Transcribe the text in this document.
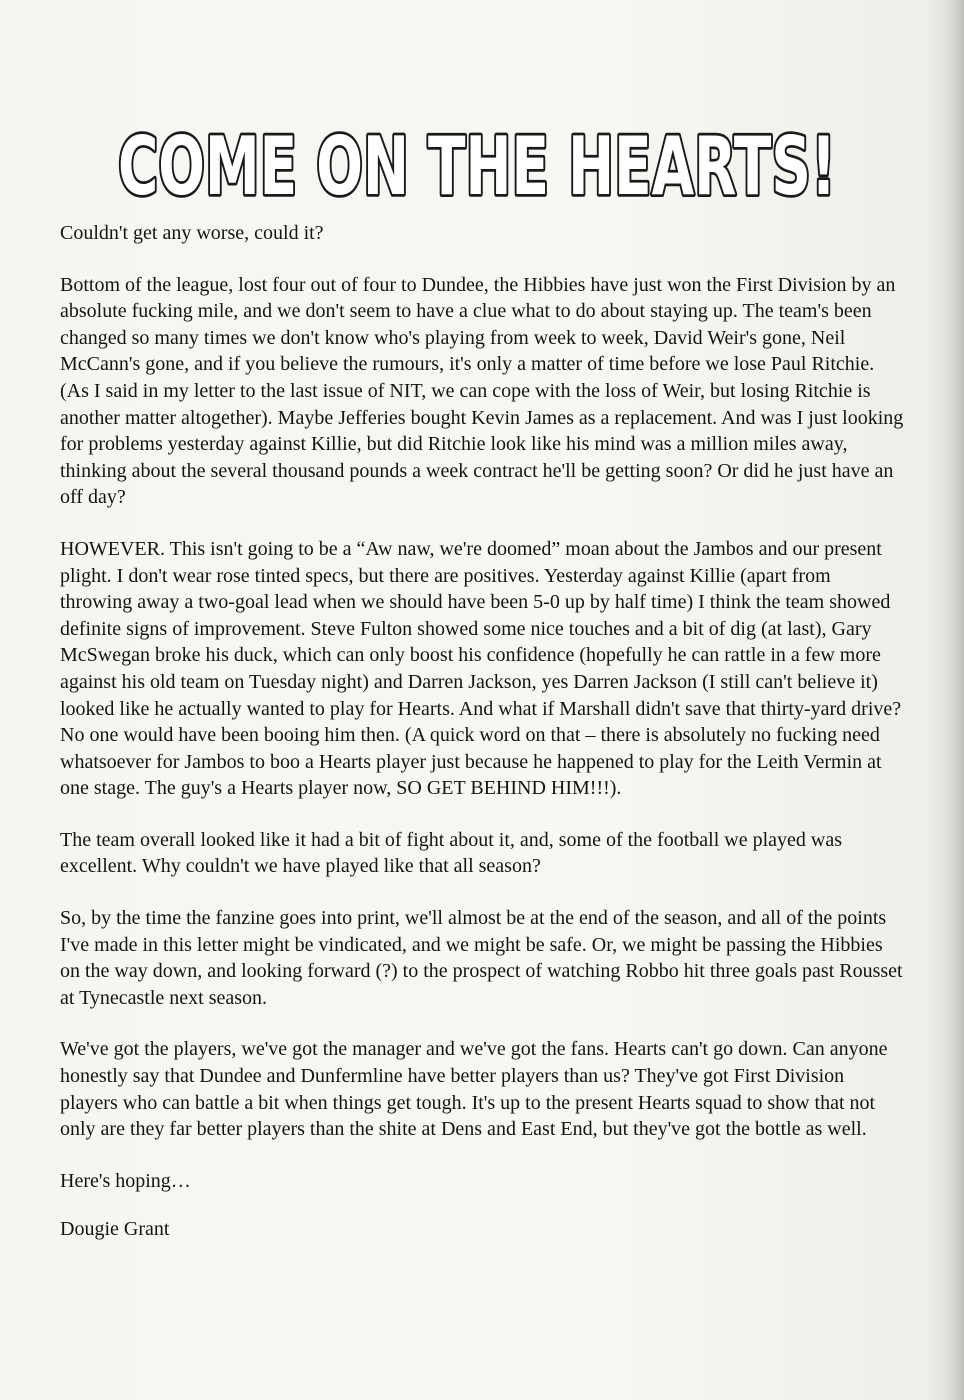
COME ON THE HEARTS!

Couldn't get any worse, could it?

Bottom of the league, lost four out of four to Dundee, the Hibbies have just won the First Division by an absolute fucking mile, and we don't seem to have a clue what to do about staying up. The team's been changed so many times we don't know who's playing from week to week, David Weir's gone, Neil McCann's gone, and if you believe the rumours, it's only a matter of time before we lose Paul Ritchie. (As I said in my letter to the last issue of NIT, we can cope with the loss of Weir, but losing Ritchie is another matter altogether). Maybe Jefferies bought Kevin James as a replacement. And was I just looking for problems yesterday against Killie, but did Ritchie look like his mind was a million miles away, thinking about the several thousand pounds a week contract he'll be getting soon? Or did he just have an off day?

HOWEVER. This isn't going to be a “Aw naw, we're doomed” moan about the Jambos and our present plight. I don't wear rose tinted specs, but there are positives. Yesterday against Killie (apart from throwing away a two-goal lead when we should have been 5-0 up by half time) I think the team showed definite signs of improvement. Steve Fulton showed some nice touches and a bit of dig (at last), Gary McSwegan broke his duck, which can only boost his confidence (hopefully he can rattle in a few more against his old team on Tuesday night) and Darren Jackson, yes Darren Jackson (I still can't believe it) looked like he actually wanted to play for Hearts. And what if Marshall didn't save that thirty-yard drive? No one would have been booing him then. (A quick word on that – there is absolutely no fucking need whatsoever for Jambos to boo a Hearts player just because he happened to play for the Leith Vermin at one stage. The guy's a Hearts player now, SO GET BEHIND HIM!!!).

The team overall looked like it had a bit of fight about it, and, some of the football we played was excellent. Why couldn't we have played like that all season?

So, by the time the fanzine goes into print, we'll almost be at the end of the season, and all of the points I've made in this letter might be vindicated, and we might be safe. Or, we might be passing the Hibbies on the way down, and looking forward (?) to the prospect of watching Robbo hit three goals past Rousset at Tynecastle next season.

We've got the players, we've got the manager and we've got the fans. Hearts can't go down. Can anyone honestly say that Dundee and Dunfermline have better players than us? They've got First Division players who can battle a bit when things get tough. It's up to the present Hearts squad to show that not only are they far better players than the shite at Dens and East End, but they've got the bottle as well.

Here's hoping…

Dougie Grant
